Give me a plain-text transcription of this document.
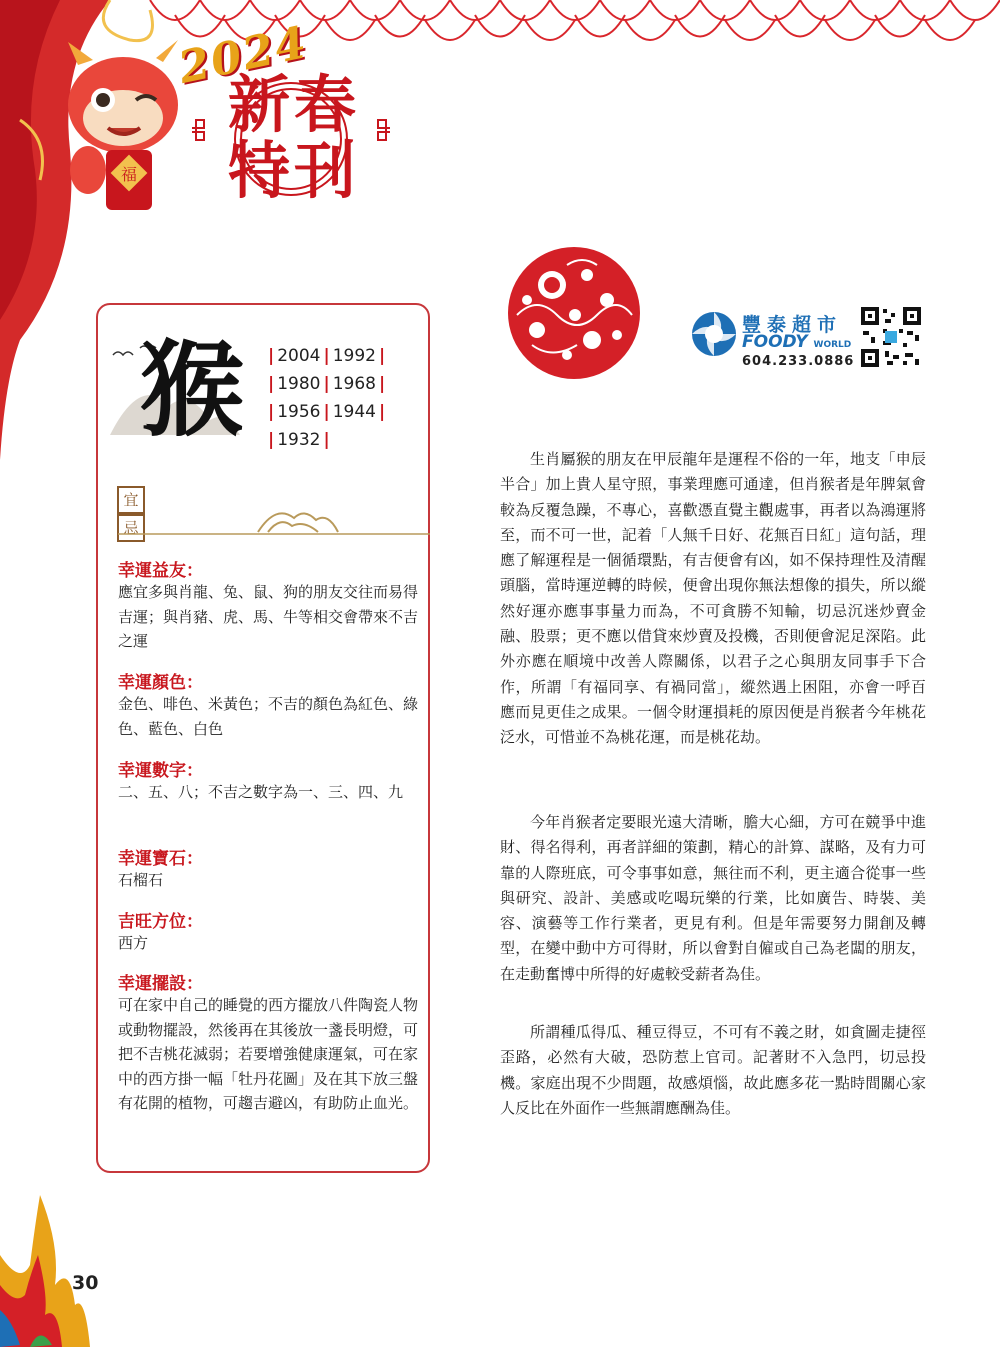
福
2024
新春
特刊
猴 | 2004 | 1992 |
| 1980 | 1968 |
| 1956 | 1944 |
| 1932 |
宜忌
幸運益友：
應宜多與肖龍、兔、鼠、狗的朋友交往而易得吉運；與肖豬、虎、馬、牛等相交會帶來不吉之運
幸運顏色：
金色、啡色、米黃色；不吉的顏色為紅色、綠色、藍色、白色
幸運數字：
二、五、八；不吉之數字為一、三、四、九
幸運寶石：
石榴石
吉旺方位：
西方
幸運擺設：
可在家中自己的睡覺的西方擺放八件陶瓷人物或動物擺設，然後再在其後放一盞長明燈，可把不吉桃花滅弱；若要增強健康運氣，可在家中的西方掛一幅「牡丹花圖」及在其下放三盤有花開的植物，可趨吉避凶，有助防止血光。
豐泰超市
FOODY WORLD
604.233.0886
生肖屬猴的朋友在甲辰龍年是運程不俗的一年，地支「申辰半合」加上貴人星守照，事業理應可通達，但肖猴者是年脾氣會較為反覆急躁，不專心，喜歡憑直覺主觀處事，再者以為鴻運將至，而不可一世，記着「人無千日好、花無百日紅」這句話，理應了解運程是一個循環點，有吉便會有凶，如不保持理性及清醒頭腦，當時運逆轉的時候，便會出現你無法想像的損失，所以縱然好運亦應事事量力而為，不可貪勝不知輸，切忌沉迷炒賣金融、股票；更不應以借貸來炒賣及投機，否則便會泥足深陷。此外亦應在順境中改善人際關係，以君子之心與朋友同事手下合作，所謂「有福同享、有禍同當」，縱然遇上困阻，亦會一呼百應而見更佳之成果。一個令財運損耗的原因便是肖猴者今年桃花泛水，可惜並不為桃花運，而是桃花劫。
今年肖猴者定要眼光遠大清晰，膽大心細，方可在競爭中進財、得名得利，再者詳細的策劃，精心的計算、謀略，及有力可靠的人際班底，可令事事如意，無往而不利，更主適合從事一些與研究、設計、美感或吃喝玩樂的行業，比如廣告、時裝、美容、演藝等工作行業者，更見有利。但是年需要努力開創及轉型，在變中動中方可得財，所以會對自僱或自己為老闆的朋友，在走動奮博中所得的好處較受薪者為佳。
所謂種瓜得瓜、種豆得豆，不可有不義之財，如貪圖走捷徑歪路，必然有大破，恐防惹上官司。記著財不入急門，切忌投機。家庭出現不少問題，故感煩惱，故此應多花一點時間關心家人反比在外面作一些無謂應酬為佳。
30
